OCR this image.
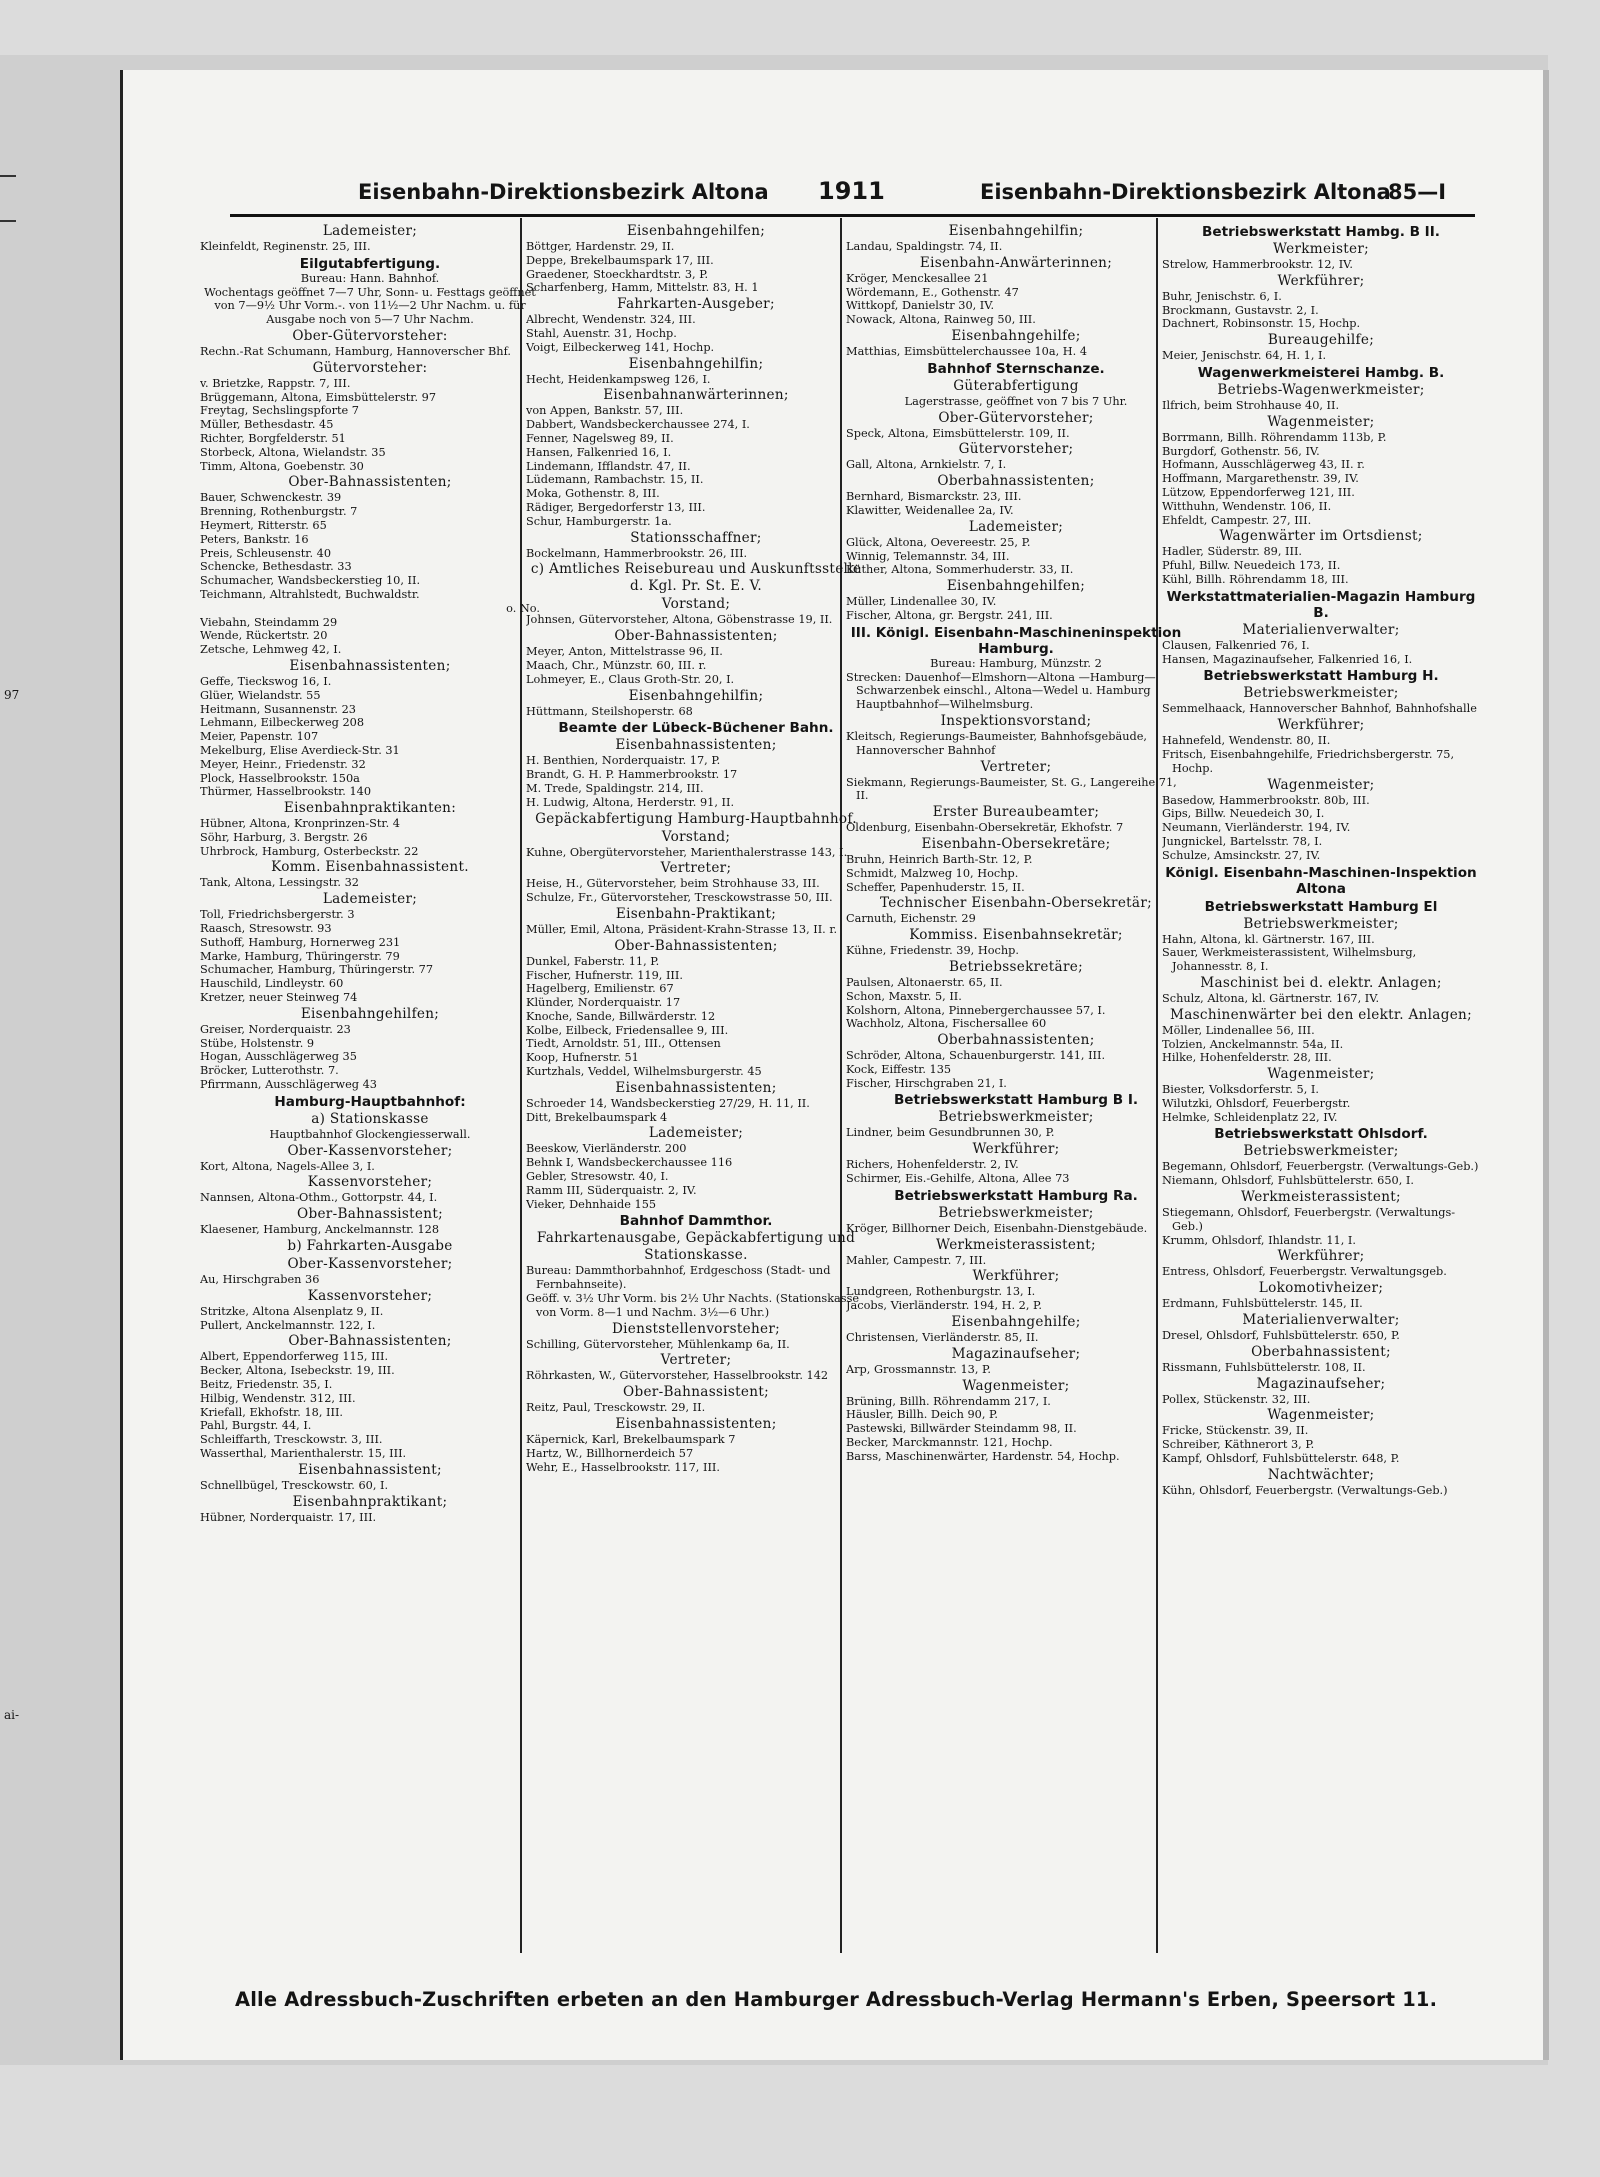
97
ai-
Eisenbahn-Direktionsbezirk Altona 1911	Eisenbahn-Direktionsbezirk Altona
85—I
Lademeister;
Kleinfeldt, Reginenstr. 25, III.
Eilgutabfertigung.
Bureau: Hann. Bahnhof.
Wochentags geöffnet 7—7 Uhr, Sonn- u. Festtags geöffnet von 7—9½ Uhr Vorm.-. von 11½—2 Uhr Nachm. u. für Ausgabe noch von 5—7 Uhr Nachm.
Ober-Gütervorsteher:
Rechn.-Rat Schumann, Hamburg, Hannoverscher Bhf.
Gütervorsteher:
v. Brietzke, Rappstr. 7, III.
Brüggemann, Altona, Eimsbüttelerstr. 97
Freytag, Sechslingspforte 7
Müller, Bethesdastr. 45
Richter, Borgfelderstr. 51
Storbeck, Altona, Wielandstr. 35
Timm, Altona, Goebenstr. 30
Ober-Bahnassistenten;
Bauer, Schwenckestr. 39
Brenning, Rothenburgstr. 7
Heymert, Ritterstr. 65
Peters, Bankstr. 16
Preis, Schleusenstr. 40
Schencke, Bethesdastr. 33
Schumacher, Wandsbeckerstieg 10, II.
Teichmann, Altrahlstedt, Buchwaldstr.
o. No.
Viebahn, Steindamm 29
Wende, Rückertstr. 20
Zetsche, Lehmweg 42, I.
Eisenbahnassistenten;
Geffe, Tieckswog 16, I.
Glüer, Wielandstr. 55
Heitmann, Susannenstr. 23
Lehmann, Eilbeckerweg 208
Meier, Papenstr. 107
Mekelburg, Elise Averdieck-Str. 31
Meyer, Heinr., Friedenstr. 32
Plock, Hasselbrookstr. 150a
Thürmer, Hasselbrookstr. 140
Eisenbahnpraktikanten:
Hübner, Altona, Kronprinzen-Str. 4
Söhr, Harburg, 3. Bergstr. 26
Uhrbrock, Hamburg, Osterbeckstr. 22
Komm. Eisenbahnassistent.
Tank, Altona, Lessingstr. 32
Lademeister;
Toll, Friedrichsbergerstr. 3
Raasch, Stresowstr. 93
Suthoff, Hamburg, Hornerweg 231
Marke, Hamburg, Thüringerstr. 79
Schumacher, Hamburg, Thüringerstr. 77
Hauschild, Lindleystr. 60
Kretzer, neuer Steinweg 74
Eisenbahngehilfen;
Greiser, Norderquaistr. 23
Stübe, Holstenstr. 9
Hogan, Ausschlägerweg 35
Bröcker, Lutterothstr. 7.
Pfirrmann, Ausschlägerweg 43
Hamburg-Hauptbahnhof:
a) Stationskasse
Hauptbahnhof Glockengiesserwall.
Ober-Kassenvorsteher;
Kort, Altona, Nagels-Allee 3, I.
Kassenvorsteher;
Nannsen, Altona-Othm., Gottorpstr. 44, I.
Ober-Bahnassistent;
Klaesener, Hamburg, Anckelmannstr. 128
b) Fahrkarten-Ausgabe
Ober-Kassenvorsteher;
Au, Hirschgraben 36
Kassenvorsteher;
Stritzke, Altona Alsenplatz 9, II.
Pullert, Anckelmannstr. 122, I.
Ober-Bahnassistenten;
Albert, Eppendorferweg 115, III.
Becker, Altona, Isebeckstr. 19, III.
Beitz, Friedenstr. 35, I.
Hilbig, Wendenstr. 312, III.
Kriefall, Ekhofstr. 18, III.
Pahl, Burgstr. 44, I.
Schleiffarth, Tresckowstr. 3, III.
Wasserthal, Marienthalerstr. 15, III.
Eisenbahnassistent;
Schnellbügel, Tresckowstr. 60, I.
Eisenbahnpraktikant;
Hübner, Norderquaistr. 17, III.
Eisenbahngehilfen;
Böttger, Hardenstr. 29, II.
Deppe, Brekelbaumspark 17, III.
Graedener, Stoeckhardtstr. 3, P.
Scharfenberg, Hamm, Mittelstr. 83, H. 1
Fahrkarten-Ausgeber;
Albrecht, Wendenstr. 324, III.
Stahl, Auenstr. 31, Hochp.
Voigt, Eilbeckerweg 141, Hochp.
Eisenbahngehilfin;
Hecht, Heidenkampsweg 126, I.
Eisenbahnanwärterinnen;
von Appen, Bankstr. 57, III.
Dabbert, Wandsbeckerchaussee 274, I.
Fenner, Nagelsweg 89, II.
Hansen, Falkenried 16, I.
Lindemann, Ifflandstr. 47, II.
Lüdemann, Rambachstr. 15, II.
Moka, Gothenstr. 8, III.
Rädiger, Bergedorferstr 13, III.
Schur, Hamburgerstr. 1a.
Stationsschaffner;
Bockelmann, Hammerbrookstr. 26, III.
c) Amtliches Reisebureau und Auskunftsstelle d. Kgl. Pr. St. E. V.
Vorstand;
Johnsen, Gütervorsteher, Altona, Göbenstrasse 19, II.
Ober-Bahnassistenten;
Meyer, Anton, Mittelstrasse 96, II.
Maach, Chr., Münzstr. 60, III. r.
Lohmeyer, E., Claus Groth-Str. 20, I.
Eisenbahngehilfin;
Hüttmann, Steilshoperstr. 68
Beamte der Lübeck-Büchener Bahn.
Eisenbahnassistenten;
H. Benthien, Norderquaistr. 17, P.
Brandt, G. H. P. Hammerbrookstr. 17
M. Trede, Spaldingstr. 214, III.
H. Ludwig, Altona, Herderstr. 91, II.
Gepäckabfertigung Hamburg-Hauptbahnhof.
Vorstand;
Kuhne, Obergütervorsteher, Marienthalerstrasse 143, I.
Vertreter;
Heise, H., Gütervorsteher, beim Strohhause 33, III.
Schulze, Fr., Gütervorsteher, Tresckowstrasse 50, III.
Eisenbahn-Praktikant;
Müller, Emil, Altona, Präsident-Krahn-Strasse 13, II. r.
Ober-Bahnassistenten;
Dunkel, Faberstr. 11, P.
Fischer, Hufnerstr. 119, III.
Hagelberg, Emilienstr. 67
Klünder, Norderquaistr. 17
Knoche, Sande, Billwärderstr. 12
Kolbe, Eilbeck, Friedensallee 9, III.
Tiedt, Arnoldstr. 51, III., Ottensen
Koop, Hufnerstr. 51
Kurtzhals, Veddel, Wilhelmsburgerstr. 45
Eisenbahnassistenten;
Schroeder 14, Wandsbeckerstieg 27/29, H. 11, II.
Ditt, Brekelbaumspark 4
Lademeister;
Beeskow, Vierländerstr. 200
Behnk I, Wandsbeckerchaussee 116
Gebler, Stresowstr. 40, I.
Ramm III, Süderquaistr. 2, IV.
Vieker, Dehnhaide 155
Bahnhof Dammthor.
Fahrkartenausgabe, Gepäckabfertigung und Stationskasse.
Bureau: Dammthorbahnhof, Erdgeschoss (Stadt- und Fernbahnseite).
Geöff. v. 3½ Uhr Vorm. bis 2½ Uhr Nachts. (Stationskasse von Vorm. 8—1 und Nachm. 3½—6 Uhr.)
Dienststellenvorsteher;
Schilling, Gütervorsteher, Mühlenkamp 6a, II.
Vertreter;
Röhrkasten, W., Gütervorsteher, Hasselbrookstr. 142
Ober-Bahnassistent;
Reitz, Paul, Tresckowstr. 29, II.
Eisenbahnassistenten;
Käpernick, Karl, Brekelbaumspark 7
Hartz, W., Billhornerdeich 57
Wehr, E., Hasselbrookstr. 117, III.
Eisenbahngehilfin;
Landau, Spaldingstr. 74, II.
Eisenbahn-Anwärterinnen;
Kröger, Menckesallee 21
Wördemann, E., Gothenstr. 47
Wittkopf, Danielstr 30, IV.
Nowack, Altona, Rainweg 50, III.
Eisenbahngehilfe;
Matthias, Eimsbüttelerchaussee 10a, H. 4
Bahnhof Sternschanze.
Güterabfertigung
Lagerstrasse, geöffnet von 7 bis 7 Uhr.
Ober-Gütervorsteher;
Speck, Altona, Eimsbüttelerstr. 109, II.
Gütervorsteher;
Gall, Altona, Arnkielstr. 7, I.
Oberbahnassistenten;
Bernhard, Bismarckstr. 23, III.
Klawitter, Weidenallee 2a, IV.
Lademeister;
Glück, Altona, Oevereestr. 25, P.
Winnig, Telemannstr. 34, III.
Küther, Altona, Sommerhuderstr. 33, II.
Eisenbahngehilfen;
Müller, Lindenallee 30, IV.
Fischer, Altona, gr. Bergstr. 241, III.
III. Königl. Eisenbahn-Maschineninspektion Hamburg.
Bureau: Hamburg, Münzstr. 2
Strecken: Dauenhof—Elmshorn—Altona —Hamburg—Schwarzenbek einschl., Altona—Wedel u. Hamburg Hauptbahnhof—Wilhelmsburg.
Inspektionsvorstand;
Kleitsch, Regierungs-Baumeister, Bahnhofsgebäude, Hannoverscher Bahnhof
Vertreter;
Siekmann, Regierungs-Baumeister, St. G., Langereihe 71, II.
Erster Bureaubeamter;
Oldenburg, Eisenbahn-Obersekretär, Ekhofstr. 7
Eisenbahn-Obersekretäre;
Bruhn, Heinrich Barth-Str. 12, P.
Schmidt, Malzweg 10, Hochp.
Scheffer, Papenhuderstr. 15, II.
Technischer Eisenbahn-Obersekretär;
Carnuth, Eichenstr. 29
Kommiss. Eisenbahnsekretär;
Kühne, Friedenstr. 39, Hochp.
Betriebssekretäre;
Paulsen, Altonaerstr. 65, II.
Schon, Maxstr. 5, II.
Kolshorn, Altona, Pinnebergerchaussee 57, I.
Wachholz, Altona, Fischersallee 60
Oberbahnassistenten;
Schröder, Altona, Schauenburgerstr. 141, III.
Kock, Eiffestr. 135
Fischer, Hirschgraben 21, I.
Betriebswerkstatt Hamburg B I.
Betriebswerkmeister;
Lindner, beim Gesundbrunnen 30, P.
Werkführer;
Richers, Hohenfelderstr. 2, IV.
Schirmer, Eis.-Gehilfe, Altona, Allee 73
Betriebswerkstatt Hamburg Ra.
Betriebswerkmeister;
Kröger, Billhorner Deich, Eisenbahn-Dienstgebäude.
Werkmeisterassistent;
Mahler, Campestr. 7, III.
Werkführer;
Lundgreen, Rothenburgstr. 13, I.
Jacobs, Vierländerstr. 194, H. 2, P.
Eisenbahngehilfe;
Christensen, Vierländerstr. 85, II.
Magazinaufseher;
Arp, Grossmannstr. 13, P.
Wagenmeister;
Brüning, Billh. Röhrendamm 217, I.
Häusler, Billh. Deich 90, P.
Pastewski, Billwärder Steindamm 98, II.
Becker, Marckmannstr. 121, Hochp.
Barss, Maschinenwärter, Hardenstr. 54, Hochp.
Betriebswerkstatt Hambg. B II.
Werkmeister;
Strelow, Hammerbrookstr. 12, IV.
Werkführer;
Buhr, Jenischstr. 6, I.
Brockmann, Gustavstr. 2, I.
Dachnert, Robinsonstr. 15, Hochp.
Bureaugehilfe;
Meier, Jenischstr. 64, H. 1, I.
Wagenwerkmeisterei Hambg. B.
Betriebs-Wagenwerkmeister;
Ilfrich, beim Strohhause 40, II.
Wagenmeister;
Borrmann, Billh. Röhrendamm 113b, P.
Burgdorf, Gothenstr. 56, IV.
Hofmann, Ausschlägerweg 43, II. r.
Hoffmann, Margarethenstr. 39, IV.
Lützow, Eppendorferweg 121, III.
Witthuhn, Wendenstr. 106, II.
Ehfeldt, Campestr. 27, III.
Wagenwärter im Ortsdienst;
Hadler, Süderstr. 89, III.
Pfuhl, Billw. Neuedeich 173, II.
Kühl, Billh. Röhrendamm 18, III.
Werkstattmaterialien-Magazin Hamburg B.
Materialienverwalter;
Clausen, Falkenried 76, I.
Hansen, Magazinaufseher, Falkenried 16, I.
Betriebswerkstatt Hamburg H.
Betriebswerkmeister;
Semmelhaack, Hannoverscher Bahnhof, Bahnhofshalle
Werkführer;
Hahnefeld, Wendenstr. 80, II.
Fritsch, Eisenbahngehilfe, Friedrichsbergerstr. 75, Hochp.
Wagenmeister;
Basedow, Hammerbrookstr. 80b, III.
Gips, Billw. Neuedeich 30, I.
Neumann, Vierländerstr. 194, IV.
Jungnickel, Bartelsstr. 78, I.
Schulze, Amsinckstr. 27, IV.
Königl. Eisenbahn-Maschinen-Inspektion Altona
Betriebswerkstatt Hamburg El
Betriebswerkmeister;
Hahn, Altona, kl. Gärtnerstr. 167, III.
Sauer, Werkmeisterassistent, Wilhelmsburg, Johannesstr. 8, I.
Maschinist bei d. elektr. Anlagen;
Schulz, Altona, kl. Gärtnerstr. 167, IV.
Maschinenwärter bei den elektr. Anlagen;
Möller, Lindenallee 56, III.
Tolzien, Anckelmannstr. 54a, II.
Hilke, Hohenfelderstr. 28, III.
Wagenmeister;
Biester, Volksdorferstr. 5, I.
Wilutzki, Ohlsdorf, Feuerbergstr.
Helmke, Schleidenplatz 22, IV.
Betriebswerkstatt Ohlsdorf.
Betriebswerkmeister;
Begemann, Ohlsdorf, Feuerbergstr. (Verwaltungs-Geb.)
Niemann, Ohlsdorf, Fuhlsbüttelerstr. 650, I.
Werkmeisterassistent;
Stiegemann, Ohlsdorf, Feuerbergstr. (Verwaltungs-Geb.)
Krumm, Ohlsdorf, Ihlandstr. 11, I.
Werkführer;
Entress, Ohlsdorf, Feuerbergstr. Verwaltungsgeb.
Lokomotivheizer;
Erdmann, Fuhlsbüttelerstr. 145, II.
Materialienverwalter;
Dresel, Ohlsdorf, Fuhlsbüttelerstr. 650, P.
Oberbahnassistent;
Rissmann, Fuhlsbüttelerstr. 108, II.
Magazinaufseher;
Pollex, Stückenstr. 32, III.
Wagenmeister;
Fricke, Stückenstr. 39, II.
Schreiber, Käthnerort 3, P.
Kampf, Ohlsdorf, Fuhlsbüttelerstr. 648, P.
Nachtwächter;
Kühn, Ohlsdorf, Feuerbergstr. (Verwaltungs-Geb.)
Alle Adressbuch-Zuschriften erbeten an den Hamburger Adressbuch-Verlag Hermann's Erben, Speersort 11.
